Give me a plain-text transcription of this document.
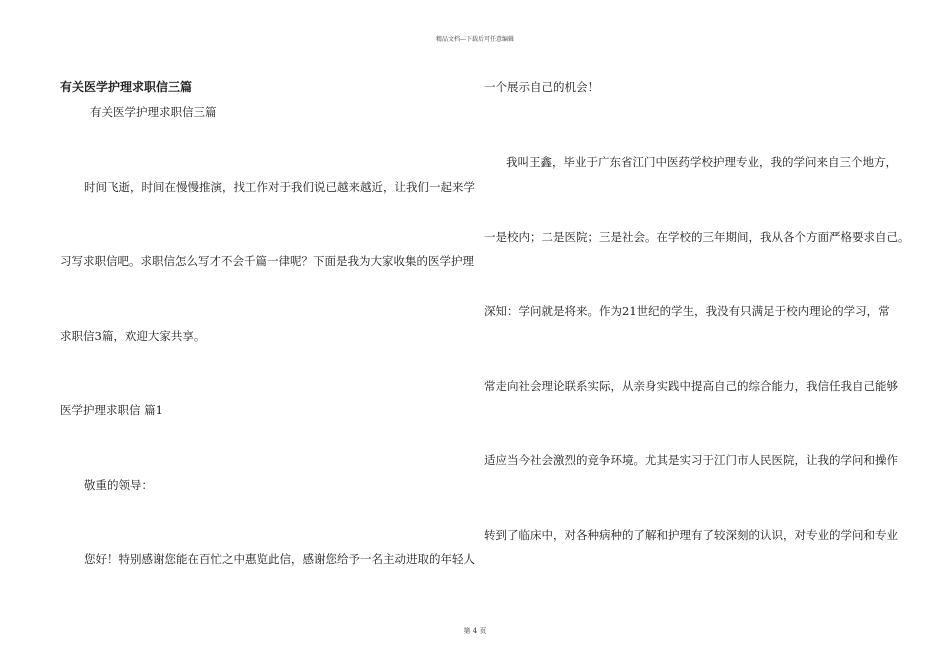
精品文档---下载后可任意编辑
有关医学护理求职信三篇
有关医学护理求职信三篇
时间飞逝，时间在慢慢推演，找工作对于我们说已越来越近，让我们一起来学
习写求职信吧。求职信怎么写才不会千篇一律呢？下面是我为大家收集的医学护理
求职信3篇，欢迎大家共享。
医学护理求职信 篇1
敬重的领导：
您好！特别感谢您能在百忙之中惠览此信，感谢您给予一名主动进取的年轻人
一个展示自己的机会！
我叫王鑫，毕业于广东省江门中医药学校护理专业，我的学问来自三个地方，
一是校内；二是医院；三是社会。在学校的三年期间，我从各个方面严格要求自己。
深知：学问就是将来。作为21世纪的学生，我没有只满足于校内理论的学习，常
常走向社会理论联系实际，从亲身实践中提高自己的综合能力，我信任我自己能够
适应当今社会激烈的竞争环境。尤其是实习于江门市人民医院，让我的学问和操作
转到了临床中，对各种病种的了解和护理有了较深刻的认识，对专业的学问和专业
第 4 页
